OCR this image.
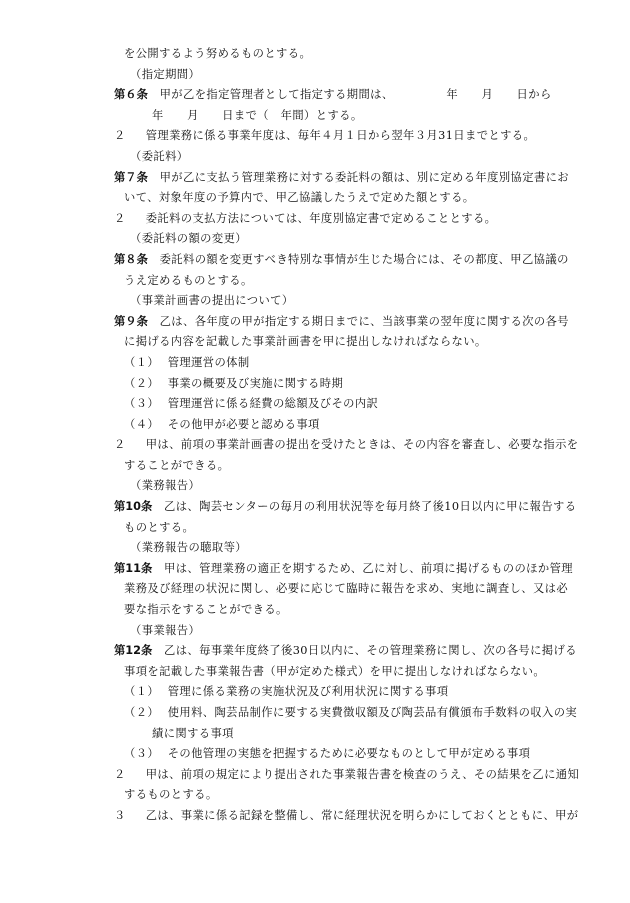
を公開するよう努めるものとする。
（指定期間）
第６条　甲が乙を指定管理者として指定する期間は、　　　　　年　　月　　日から
年　　月　　日まで（　年間）とする。
２　管理業務に係る事業年度は、毎年４月１日から翌年３月31日までとする。
（委託料）
第７条　甲が乙に支払う管理業務に対する委託料の額は、別に定める年度別協定書にお
いて、対象年度の予算内で、甲乙協議したうえで定めた額とする。
２　委託料の支払方法については、年度別協定書で定めることとする。
（委託料の額の変更）
第８条　委託料の額を変更すべき特別な事情が生じた場合には、その都度、甲乙協議の
うえ定めるものとする。
（事業計画書の提出について）
第９条　乙は、各年度の甲が指定する期日までに、当該事業の翌年度に関する次の各号
に掲げる内容を記載した事業計画書を甲に提出しなければならない。
（１）　管理運営の体制
（２）　事業の概要及び実施に関する時期
（３）　管理運営に係る経費の総額及びその内訳
（４）　その他甲が必要と認める事項
２　甲は、前項の事業計画書の提出を受けたときは、その内容を審査し、必要な指示を
することができる。
（業務報告）
第10条　乙は、陶芸センターの毎月の利用状況等を毎月終了後10日以内に甲に報告する
ものとする。
（業務報告の聴取等）
第11条　甲は、管理業務の適正を期するため、乙に対し、前項に掲げるもののほか管理
業務及び経理の状況に関し、必要に応じて臨時に報告を求め、実地に調査し、又は必
要な指示をすることができる。
（事業報告）
第12条　乙は、毎事業年度終了後30日以内に、その管理業務に関し、次の各号に掲げる
事項を記載した事業報告書（甲が定めた様式）を甲に提出しなければならない。
（１）　管理に係る業務の実施状況及び利用状況に関する事項
（２）　使用料、陶芸品制作に要する実費徴収額及び陶芸品有償頒布手数料の収入の実
績に関する事項
（３）　その他管理の実態を把握するために必要なものとして甲が定める事項
２　甲は、前項の規定により提出された事業報告書を検査のうえ、その結果を乙に通知
するものとする。
３　乙は、事業に係る記録を整備し、常に経理状況を明らかにしておくとともに、甲が
